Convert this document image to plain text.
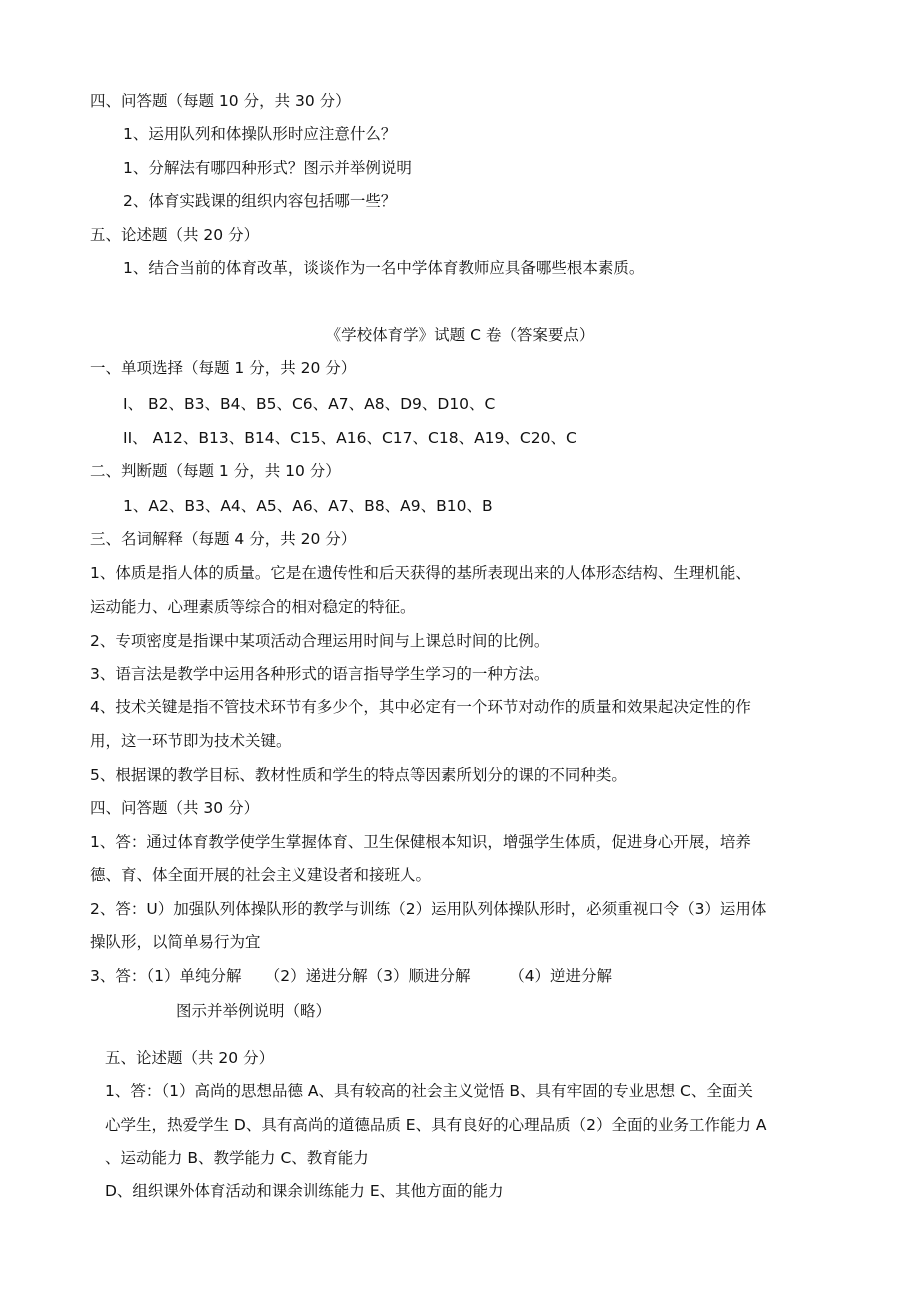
四、问答题（每题 10 分，共 30 分）
1、运用队列和体操队形时应注意什么？
1、分解法有哪四种形式？图示并举例说明
2、体育实践课的组织内容包括哪一些？
五、论述题（共 20 分）
1、结合当前的体育改革，谈谈作为一名中学体育教师应具备哪些根本素质。
《学校体育学》试题 C 卷（答案要点）
一、单项选择（每题 1 分，共 20 分）
I、 B2、B3、B4、B5、C6、A7、A8、D9、D10、C
II、 A12、B13、B14、C15、A16、C17、C18、A19、C20、C
二、判断题（每题 1 分，共 10 分）
1、A2、B3、A4、A5、A6、A7、B8、A9、B10、B
三、名词解释（每题 4 分，共 20 分）
1、体质是指人体的质量。它是在遗传性和后天获得的基所表现出来的人体形态结构、生理机能、
运动能力、心理素质等综合的相对稳定的特征。
2、专项密度是指课中某项活动合理运用时间与上课总时间的比例。
3、语言法是教学中运用各种形式的语言指导学生学习的一种方法。
4、技术关键是指不管技术环节有多少个，其中必定有一个环节对动作的质量和效果起决定性的作
用，这一环节即为技术关键。
5、根据课的教学目标、教材性质和学生的特点等因素所划分的课的不同种类。
四、问答题（共 30 分）
1、答：通过体育教学使学生掌握体育、卫生保健根本知识，增强学生体质，促进身心开展，培养
德、育、体全面开展的社会主义建设者和接班人。
2、答：U）加强队列体操队形的教学与训练（2）运用队列体操队形时，必须重视口令（3）运用体
操队形，以简单易行为宜
3、答：（1）单纯分解　　（2）递进分解（3）顺进分解　　　（4）逆进分解
图示并举例说明（略）
五、论述题（共 20 分）
1、答：（1）高尚的思想品德 A、具有较高的社会主义觉悟 B、具有牢固的专业思想 C、全面关
心学生，热爱学生 D、具有高尚的道德品质 E、具有良好的心理品质（2）全面的业务工作能力 A
、运动能力 B、教学能力 C、教育能力
D、组织课外体育活动和课余训练能力 E、其他方面的能力
